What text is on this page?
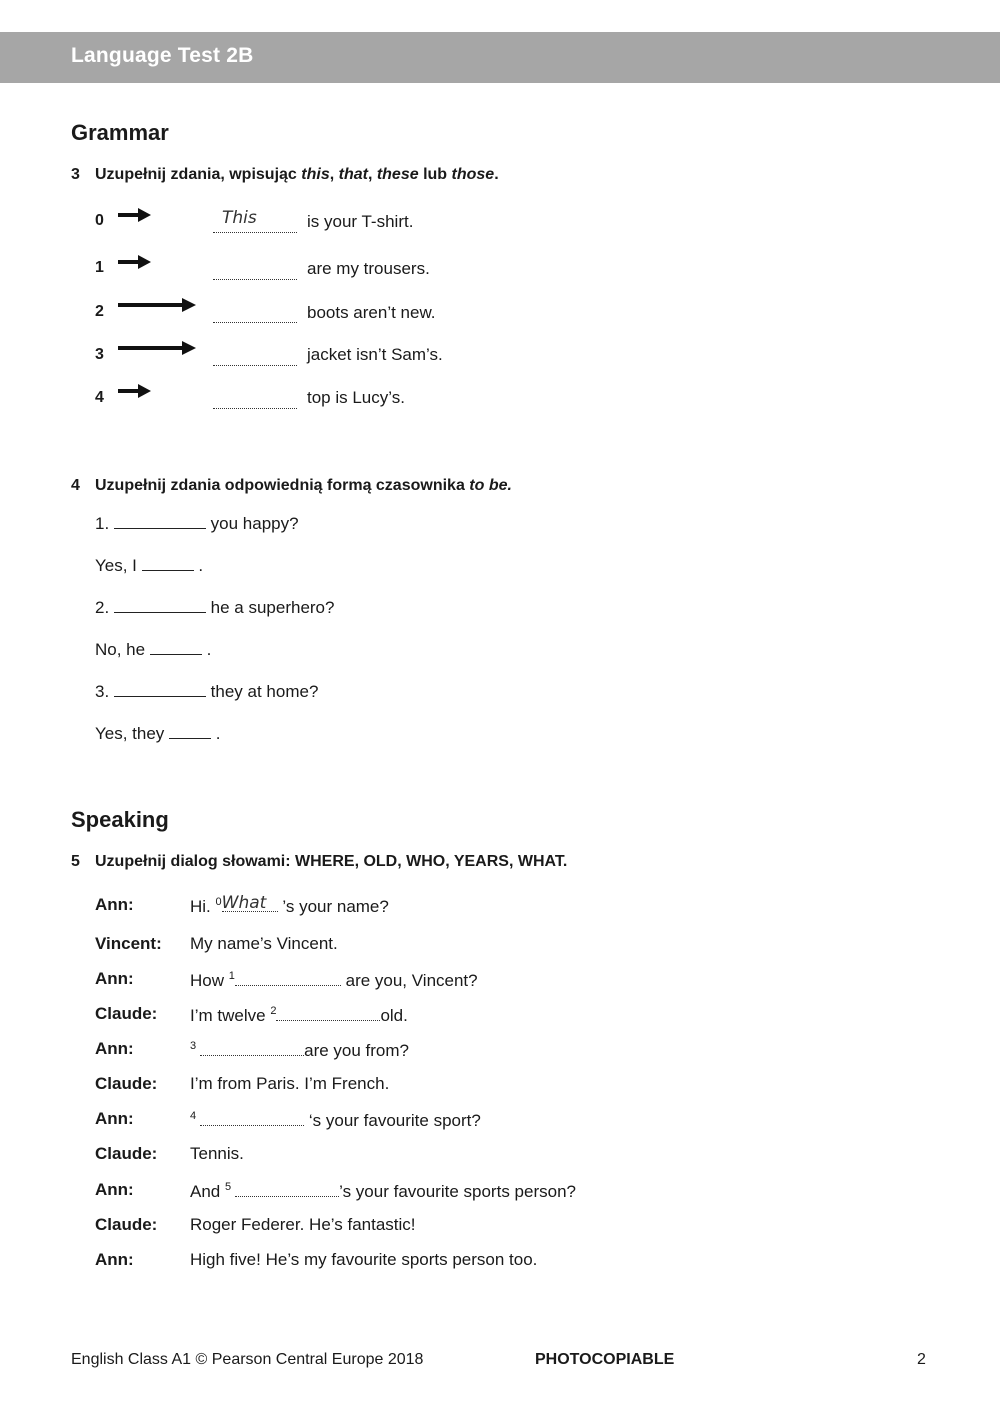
Language Test 2B
Grammar
3 Uzupełnij zdania, wpisując this, that, these lub those.
0	This	is your T-shirt.
1	are my trousers.
2	boots aren’t new.
3	jacket isn’t Sam’s.
4	top is Lucy’s.
4 Uzupełnij zdania odpowiednią formą czasownika to be.
1.	you happy?
Yes, I	.
2.	he a superhero?
No, he	.
3.	they at home?
Yes, they	.
Speaking
5 Uzupełnij dialog słowami: WHERE, OLD, WHO, YEARS, WHAT.
Ann:	Hi. $^0$ What ’s your name?
Vincent: My name’s Vincent.
Ann:	How $^1$	are you, Vincent?
Claude: I’m twelve $^2$	old.
Ann:	$^3$	are you from?
Claude: I’m from Paris. I’m French.
Ann:	$^4$	‘s your favourite sport?
Claude: Tennis.
Ann:	And $^5$	’s your favourite sports person?
Claude: Roger Federer. He’s fantastic!
Ann:	High five! He’s my favourite sports person too.
English Class A1 © Pearson Central Europe 2018	PHOTOCOPIABLE	2
